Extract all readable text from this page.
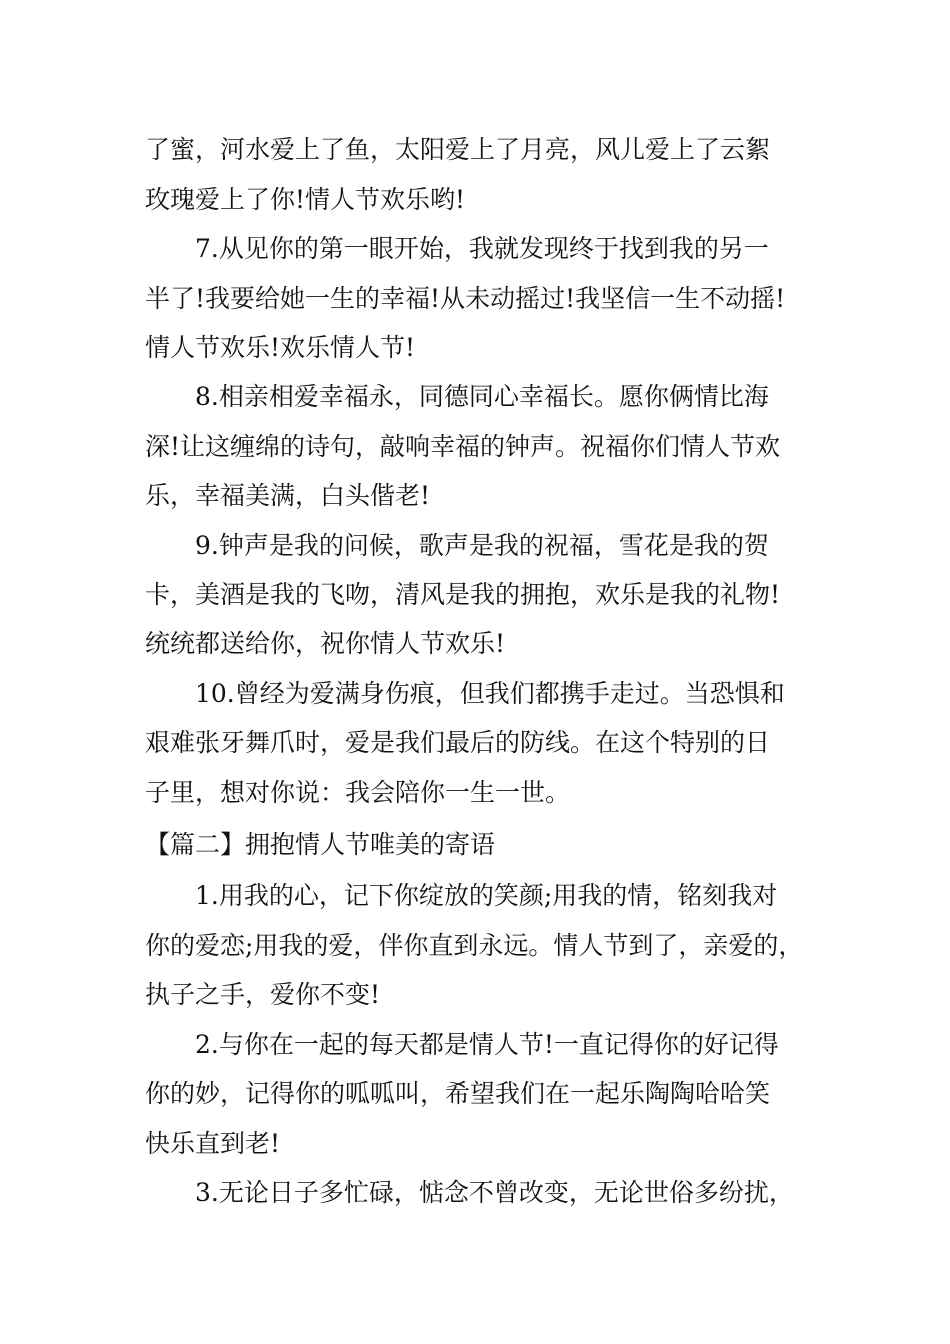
了蜜，河水爱上了鱼，太阳爱上了月亮，风儿爱上了云絮
玫瑰爱上了你!情人节欢乐哟!
7.从见你的第一眼开始，我就发现终于找到我的另一
半了!我要给她一生的幸福!从未动摇过!我坚信一生不动摇!
情人节欢乐!欢乐情人节!
8.相亲相爱幸福永，同德同心幸福长。愿你俩情比海
深!让这缠绵的诗句，敲响幸福的钟声。祝福你们情人节欢
乐，幸福美满，白头偕老!
9.钟声是我的问候，歌声是我的祝福，雪花是我的贺
卡，美酒是我的飞吻，清风是我的拥抱，欢乐是我的礼物!
统统都送给你，祝你情人节欢乐!
10.曾经为爱满身伤痕，但我们都携手走过。当恐惧和
艰难张牙舞爪时，爱是我们最后的防线。在这个特别的日
子里，想对你说：我会陪你一生一世。
【篇二】拥抱情人节唯美的寄语
1.用我的心，记下你绽放的笑颜;用我的情，铭刻我对
你的爱恋;用我的爱，伴你直到永远。情人节到了，亲爱的，
执子之手，爱你不变!
2.与你在一起的每天都是情人节!一直记得你的好记得
你的妙，记得你的呱呱叫，希望我们在一起乐陶陶哈哈笑
快乐直到老!
3.无论日子多忙碌，惦念不曾改变，无论世俗多纷扰，
